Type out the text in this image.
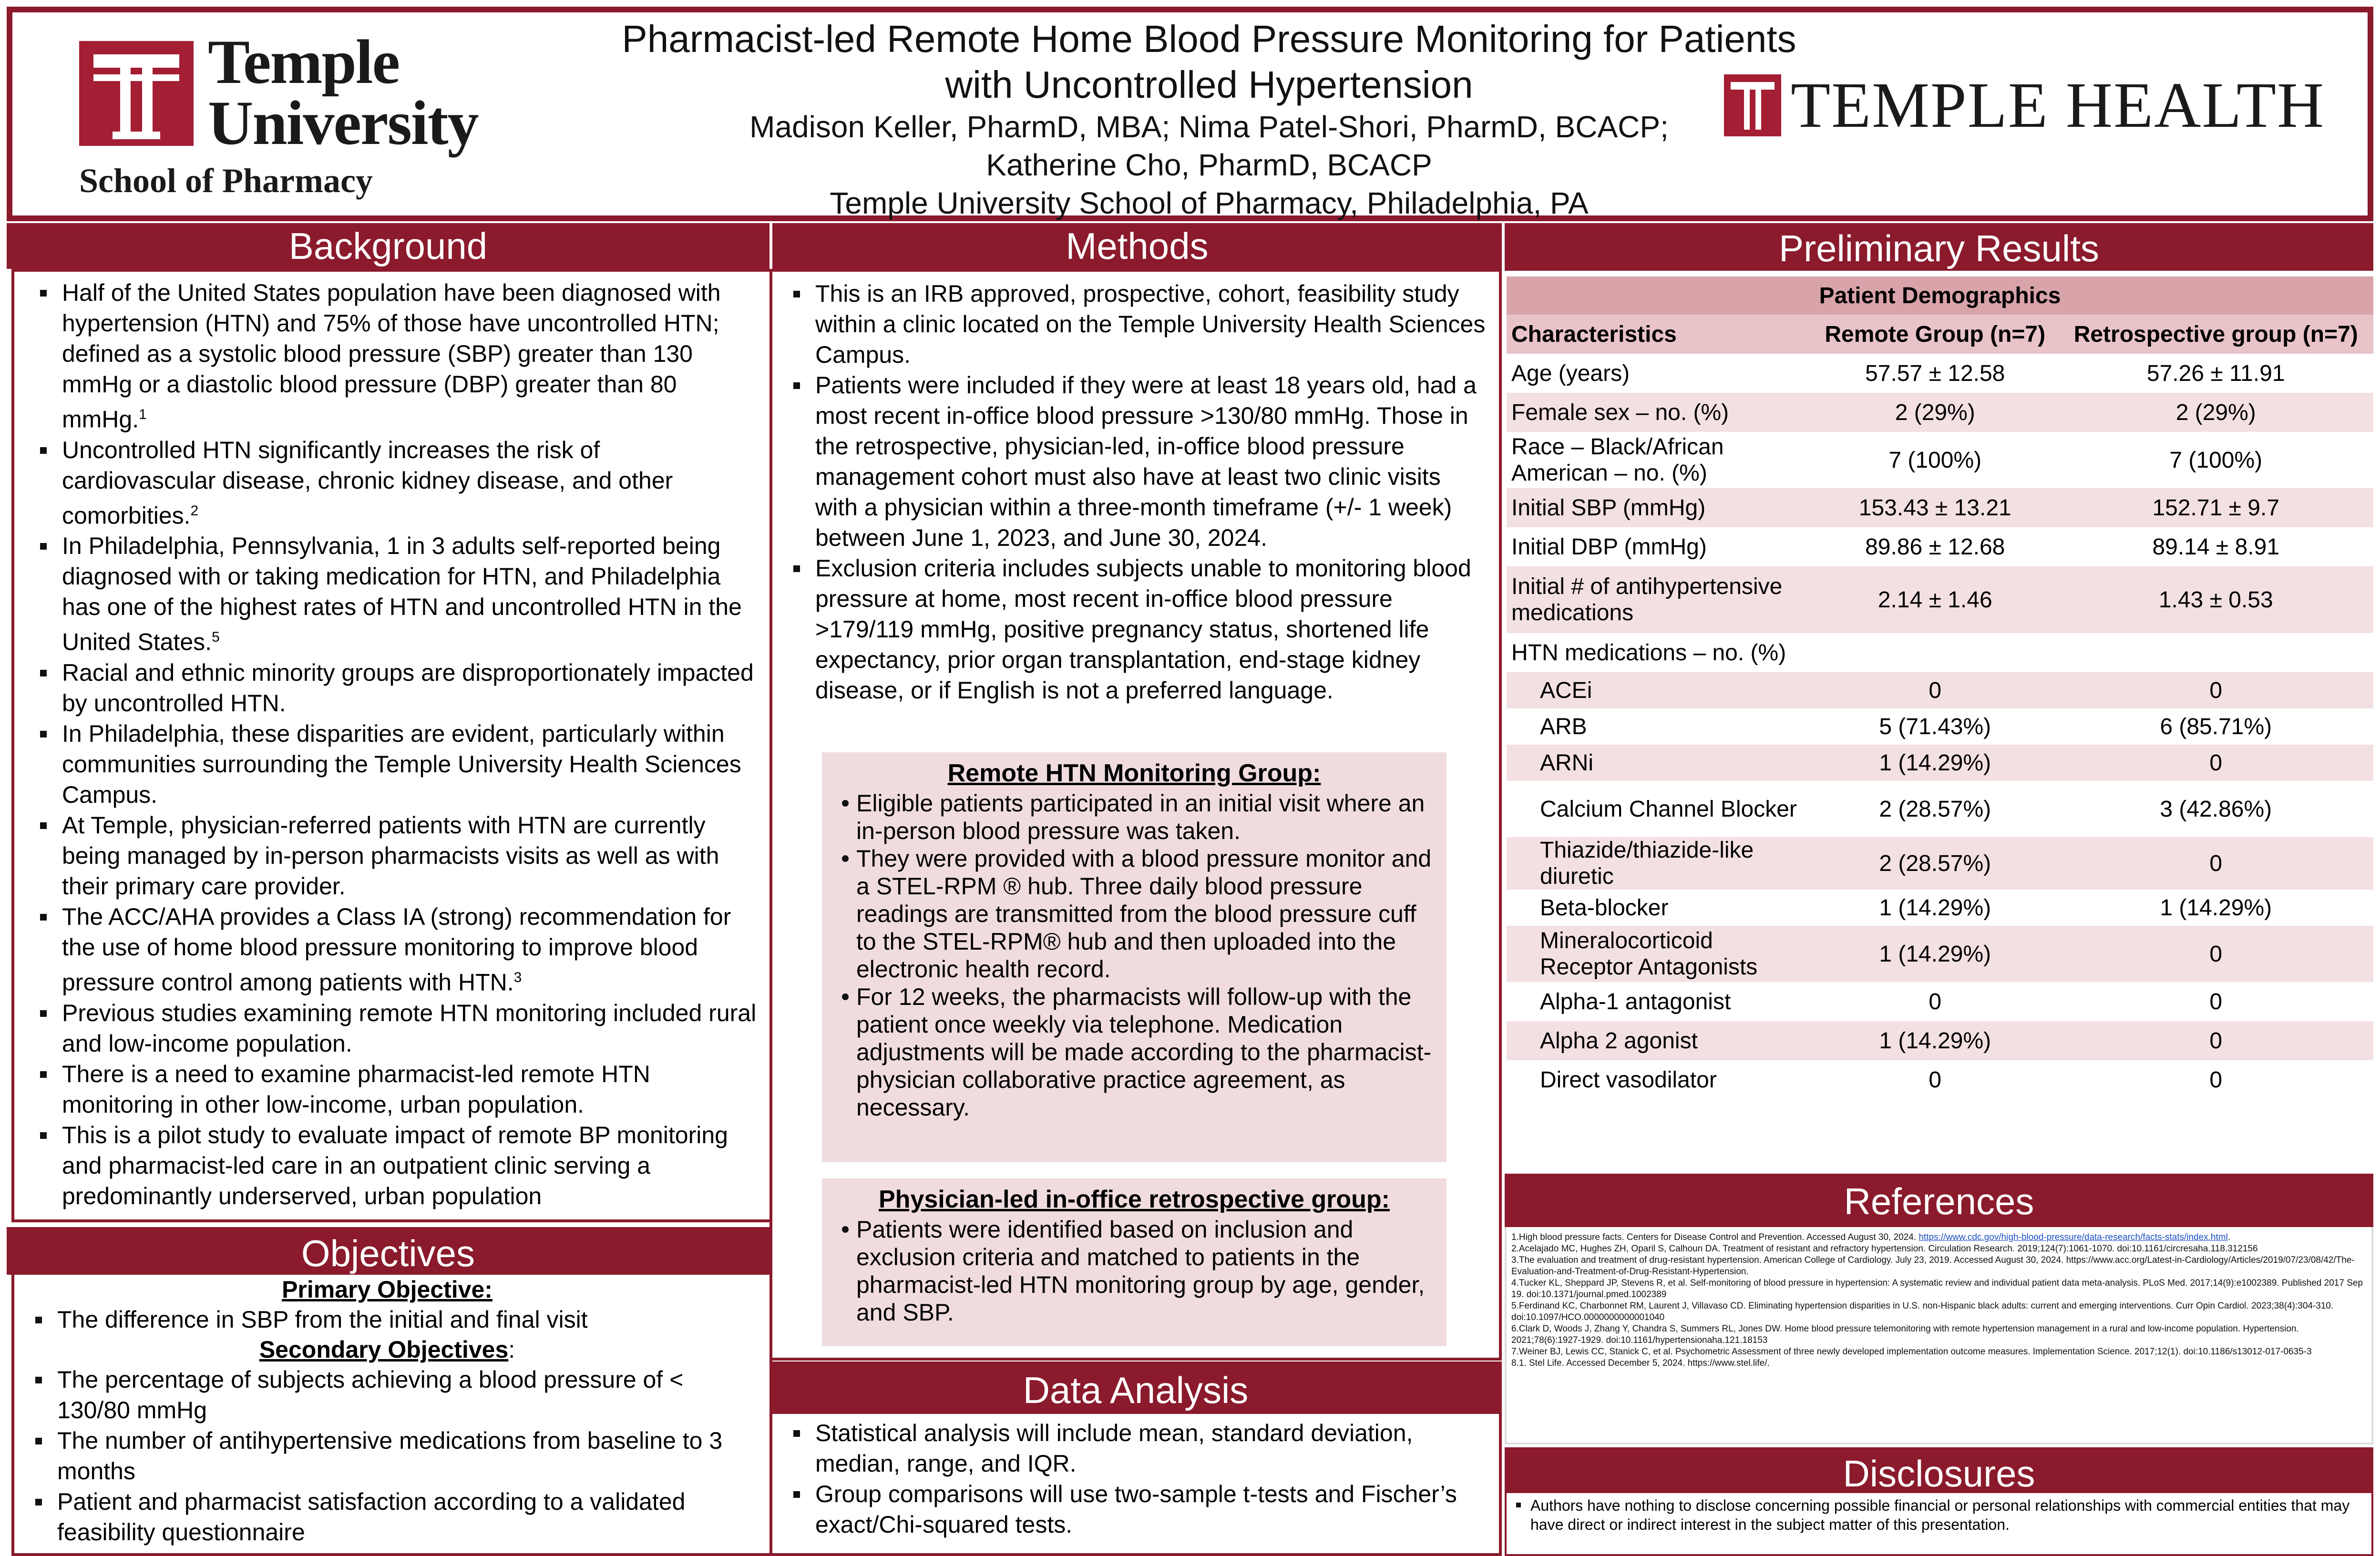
Temple
University
School of Pharmacy
Pharmacist-led Remote Home Blood Pressure Monitoring for Patients
with Uncontrolled Hypertension
Madison Keller, PharmD, MBA; Nima Patel-Shori, PharmD, BCACP;
Katherine Cho, PharmD, BCACP
Temple University School of Pharmacy, Philadelphia, PA
TEMPLE HEALTH
Background
Half of the United States population have been diagnosed with hypertension (HTN) and 75% of those have uncontrolled HTN; defined as a systolic blood pressure (SBP) greater than 130 mmHg or a diastolic blood pressure (DBP) greater than 80 mmHg.$^1$
Uncontrolled HTN significantly increases the risk of cardiovascular disease, chronic kidney disease, and other comorbities.$^2$
In Philadelphia, Pennsylvania, 1 in 3 adults self-reported being diagnosed with or taking medication for HTN, and Philadelphia has one of the highest rates of HTN and uncontrolled HTN in the United States.$^5$
Racial and ethnic minority groups are disproportionately impacted by uncontrolled HTN.
In Philadelphia, these disparities are evident, particularly within communities surrounding the Temple University Health Sciences Campus.
At Temple, physician-referred patients with HTN are currently being managed by in-person pharmacists visits as well as with their primary care provider.
The ACC/AHA provides a Class IA (strong) recommendation for the use of home blood pressure monitoring to improve blood pressure control among patients with HTN.$^3$
Previous studies examining remote HTN monitoring included rural and low-income population.
There is a need to examine pharmacist-led remote HTN monitoring in other low-income, urban population.
This is a pilot study to evaluate impact of remote BP monitoring and pharmacist-led care in an outpatient clinic serving a predominantly underserved, urban population
Objectives
Primary Objective:
The difference in SBP from the initial and final visit
Secondary Objectives:
The percentage of subjects achieving a blood pressure of < 130/80 mmHg
The number of antihypertensive medications from baseline to 3 months
Patient and pharmacist satisfaction according to a validated feasibility questionnaire
Methods
This is an IRB approved, prospective, cohort, feasibility study within a clinic located on the Temple University Health Sciences Campus.
Patients were included if they were at least 18 years old, had a most recent in-office blood pressure >130/80 mmHg. Those in the retrospective, physician-led, in-office blood pressure management cohort must also have at least two clinic visits with a physician within a three-month timeframe (+/- 1 week) between June 1, 2023, and June 30, 2024.
Exclusion criteria includes subjects unable to monitoring blood pressure at home, most recent in-office blood pressure >179/119 mmHg, positive pregnancy status, shortened life expectancy, prior organ transplantation, end-stage kidney disease, or if English is not a preferred language.
Remote HTN Monitoring Group:
Eligible patients participated in an initial visit where an in-person blood pressure was taken.
They were provided with a blood pressure monitor and a STEL-RPM ® hub. Three daily blood pressure readings are transmitted from the blood pressure cuff to the STEL-RPM® hub and then uploaded into the electronic health record.
For 12 weeks, the pharmacists will follow-up with the patient once weekly via telephone. Medication adjustments will be made according to the pharmacist-physician collaborative practice agreement, as necessary.
Physician-led in-office retrospective group:
Patients were identified based on inclusion and exclusion criteria and matched to patients in the pharmacist-led HTN monitoring group by age, gender, and SBP.
Data Analysis
Statistical analysis will include mean, standard deviation, median, range, and IQR.
Group comparisons will use two-sample t-tests and Fischer’s exact/Chi-squared tests.
Preliminary Results
Patient Demographics		
Characteristics	Remote Group (n=7)	Retrospective group (n=7)
Age (years)	57.57 ± 12.58	57.26 ± 11.91
Female sex – no. (%)	2 (29%)	2 (29%)
Race – Black/African American – no. (%)	7 (100%)	7 (100%)
Initial SBP (mmHg)	153.43 ± 13.21	152.71 ± 9.7
Initial DBP (mmHg)	89.86 ± 12.68	89.14 ± 8.91
Initial # of antihypertensive medications	2.14 ± 1.46	1.43 ± 0.53
HTN medications – no. (%)		
ACEi	0	0
ARB	5 (71.43%)	6 (85.71%)
ARNi	1 (14.29%)	0
Calcium Channel Blocker	2 (28.57%)	3 (42.86%)
Thiazide/thiazide-like diuretic	2 (28.57%)	0
Beta-blocker	1 (14.29%)	1 (14.29%)
Mineralocorticoid Receptor Antagonists	1 (14.29%)	0
Alpha-1 antagonist	0	0
Alpha 2 agonist	1 (14.29%)	0
Direct vasodilator	0	0
References
1.High blood pressure facts. Centers for Disease Control and Prevention. Accessed August 30, 2024. https://www.cdc.gov/high-blood-pressure/data-research/facts-stats/index.html.
2.Acelajado MC, Hughes ZH, Oparil S, Calhoun DA. Treatment of resistant and refractory hypertension. Circulation Research. 2019;124(7):1061-1070. doi:10.1161/circresaha.118.312156
3.The evaluation and treatment of drug-resistant hypertension. American College of Cardiology. July 23, 2019. Accessed August 30, 2024. https://www.acc.org/Latest-in-Cardiology/Articles/2019/07/23/08/42/The-Evaluation-and-Treatment-of-Drug-Resistant-Hypertension.
4.Tucker KL, Sheppard JP, Stevens R, et al. Self-monitoring of blood pressure in hypertension: A systematic review and individual patient data meta-analysis. PLoS Med. 2017;14(9):e1002389. Published 2017 Sep 19. doi:10.1371/journal.pmed.1002389
5.Ferdinand KC, Charbonnet RM, Laurent J, Villavaso CD. Eliminating hypertension disparities in U.S. non-Hispanic black adults: current and emerging interventions. Curr Opin Cardiol. 2023;38(4):304-310. doi:10.1097/HCO.0000000000001040
6.Clark D, Woods J, Zhang Y, Chandra S, Summers RL, Jones DW. Home blood pressure telemonitoring with remote hypertension management in a rural and low-income population. Hypertension. 2021;78(6):1927-1929. doi:10.1161/hypertensionaha.121.18153
7.Weiner BJ, Lewis CC, Stanick C, et al. Psychometric Assessment of three newly developed implementation outcome measures. Implementation Science. 2017;12(1). doi:10.1186/s13012-017-0635-3
8.1. Stel Life. Accessed December 5, 2024. https://www.stel.life/.
Disclosures
Authors have nothing to disclose concerning possible financial or personal relationships with commercial entities that may have direct or indirect interest in the subject matter of this presentation.
